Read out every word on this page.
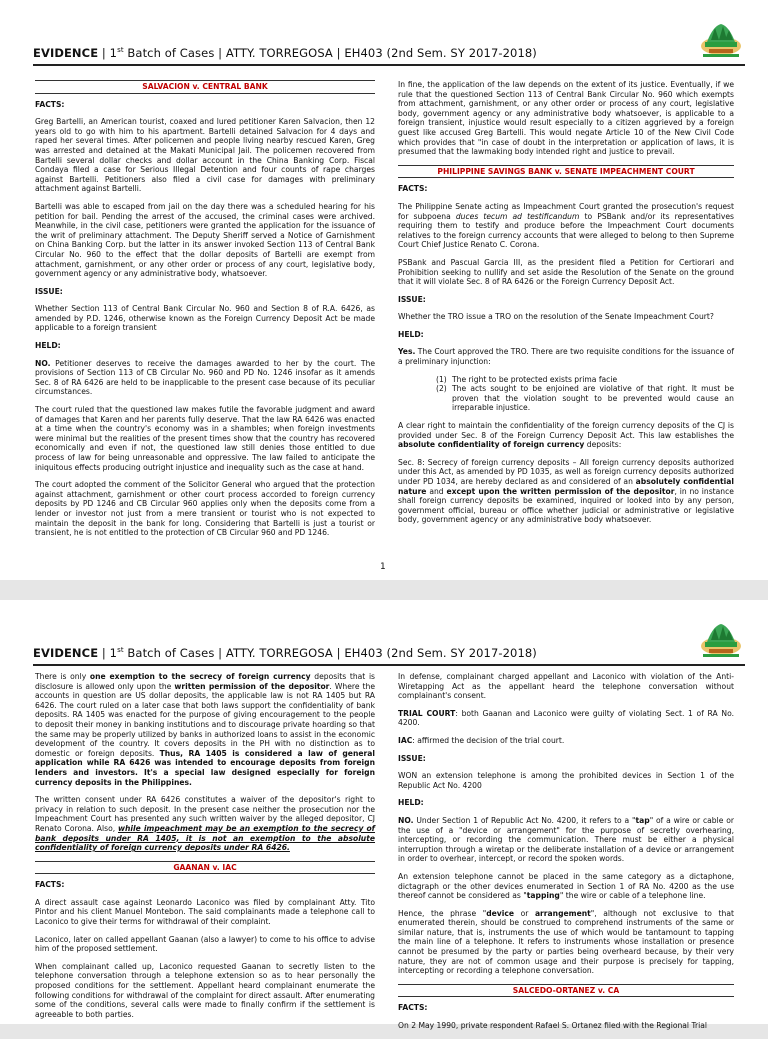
EVIDENCE | 1st Batch of Cases | ATTY. TORREGOSA | EH403 (2nd Sem. SY 2017-2018)
SALVACION v. CENTRAL BANK

FACTS:

Greg Bartelli, an American tourist, coaxed and lured petitioner Karen Salvacion, then 12 years old to go with him to his apartment. Bartelli detained Salvacion for 4 days and raped her several times. After policemen and people living nearby rescued Karen, Greg was arrested and detained at the Makati Municipal Jail. The policemen recovered from Bartelli several dollar checks and dollar account in the China Banking Corp. Fiscal Condaya filed a case for Serious Illegal Detention and four counts of rape charges against Bartelli. Petitioners also filed a civil case for damages with preliminary attachment against Bartelli.

Bartelli was able to escaped from jail on the day there was a scheduled hearing for his petition for bail. Pending the arrest of the accused, the criminal cases were archived. Meanwhile, in the civil case, petitioners were granted the application for the issuance of the writ of preliminary attachment. The Deputy Sheriff served a Notice of Garnishment on China Banking Corp. but the latter in its answer invoked Section 113 of Central Bank Circular No. 960 to the effect that the dollar deposits of Bartelli are exempt from attachment, garnishment, or any other order or process of any court, legislative body, government agency or any administrative body, whatsoever.

ISSUE:

Whether Section 113 of Central Bank Circular No. 960 and Section 8 of R.A. 6426, as amended by P.D. 1246, otherwise known as the Foreign Currency Deposit Act be made applicable to a foreign transient

HELD:

NO. Petitioner deserves to receive the damages awarded to her by the court. The provisions of Section 113 of CB Circular No. 960 and PD No. 1246 insofar as it amends Sec. 8 of RA 6426 are held to be inapplicable to the present case because of its peculiar circumstances.

The court ruled that the questioned law makes futile the favorable judgment and award of damages that Karen and her parents fully deserve. That the law RA 6426 was enacted at a time when the country's economy was in a shambles; when foreign investments were minimal but the realities of the present times show that the country has recovered economically and even if not, the questioned law still denies those entitled to due process of law for being unreasonable and oppressive. The law failed to anticipate the iniquitous effects producing outright injustice and inequality such as the case at hand.

The court adopted the comment of the Solicitor General who argued that the protection against attachment, garnishment or other court process accorded to foreign currency deposits by PD 1246 and CB Circular 960 applies only when the deposits come from a lender or investor not just from a mere transient or tourist who is not expected to maintain the deposit in the bank for long. Considering that Bartelli is just a tourist or transient, he is not entitled to the protection of CB Circular 960 and PD 1246.

In fine, the application of the law depends on the extent of its justice. Eventually, if we rule that the questioned Section 113 of Central Bank Circular No. 960 which exempts from attachment, garnishment, or any other order or process of any court, legislative body, government agency or any administrative body whatsoever, is applicable to a foreign transient, injustice would result especially to a citizen aggrieved by a foreign guest like accused Greg Bartelli. This would negate Article 10 of the New Civil Code which provides that "in case of doubt in the interpretation or application of laws, it is presumed that the lawmaking body intended right and justice to prevail.

PHILIPPINE SAVINGS BANK v. SENATE IMPEACHMENT COURT

FACTS:

The Philippine Senate acting as Impeachment Court granted the prosecution's request for subpoena duces tecum ad testificandum to PSBank and/or its representatives requiring them to testify and produce before the Impeachment Court documents relatives to the foreign currency accounts that were alleged to belong to then Supreme Court Chief Justice Renato C. Corona.

PSBank and Pascual Garcia III, as the president filed a Petition for Certiorari and Prohibition seeking to nullify and set aside the Resolution of the Senate on the ground that it will violate Sec. 8 of RA 6426 or the Foreign Currency Deposit Act.

ISSUE:

Whether the TRO issue a TRO on the resolution of the Senate Impeachment Court?

HELD:

Yes. The Court approved the TRO. There are two requisite conditions for the issuance of a preliminary injunction:

(1) The right to be protected exists prima facie
(2) The acts sought to be enjoined are violative of that right. It must be proven that the violation sought to be prevented would cause an irreparable injustice.

A clear right to maintain the confidentiality of the foreign currency deposits of the CJ is provided under Sec. 8 of the Foreign Currency Deposit Act. This law establishes the absolute confidentiality of foreign currency deposits:

Sec. 8: Secrecy of foreign currency deposits – All foreign currency deposits authorized under this Act, as amended by PD 1035, as well as foreign currency deposits authorized under PD 1034, are hereby declared as and considered of an absolutely confidential nature and except upon the written permission of the depositor, in no instance shall foreign currency deposits be examined, inquired or looked into by any person, government official, bureau or office whether judicial or administrative or legislative body, government agency or any administrative body whatsoever.

1
EVIDENCE | 1st Batch of Cases | ATTY. TORREGOSA | EH403 (2nd Sem. SY 2017-2018)

There is only one exemption to the secrecy of foreign currency deposits that is disclosure is allowed only upon the written permission of the depositor. Where the accounts in question are US dollar deposits, the applicable law is not RA 1405 but RA 6426. The court ruled on a later case that both laws support the confidentiality of bank deposits. RA 1405 was enacted for the purpose of giving encouragement to the people to deposit their money in banking institutions and to discourage private hoarding so that the same may be properly utilized by banks in authorized loans to assist in the economic development of the country. It covers deposits in the PH with no distinction as to domestic or foreign deposits. Thus, RA 1405 is considered a law of general application while RA 6426 was intended to encourage deposits from foreign lenders and investors. It's a special law designed especially for foreign currency deposits in the Philippines.

The written consent under RA 6426 constitutes a waiver of the depositor's right to privacy in relation to such deposit. In the present case neither the prosecution nor the Impeachment Court has presented any such written waiver by the alleged depositor, CJ Renato Corona. Also, while impeachment may be an exemption to the secrecy of bank deposits under RA 1405, it is not an exemption to the absolute confidentiality of foreign currency deposits under RA 6426.

GAANAN v. IAC

FACTS:

A direct assault case against Leonardo Laconico was filed by complainant Atty. Tito Pintor and his client Manuel Montebon. The said complainants made a telephone call to Laconico to give their terms for withdrawal of their complaint.

Laconico, later on called appellant Gaanan (also a lawyer) to come to his office to advise him of the proposed settlement.

When complainant called up, Laconico requested Gaanan to secretly listen to the telephone conversation through a telephone extension so as to hear personally the proposed conditions for the settlement. Appellant heard complainant enumerate the following conditions for withdrawal of the complaint for direct assault. After enumerating some of the conditions, several calls were made to finally confirm if the settlement is agreeable to both parties.

In defense, complainant charged appellant and Laconico with violation of the Anti-Wiretapping Act as the appellant heard the telephone conversation without complainant's consent.

TRIAL COURT: both Gaanan and Laconico were guilty of violating Sect. 1 of RA No. 4200.

IAC: affirmed the decision of the trial court.

ISSUE:

WON an extension telephone is among the prohibited devices in Section 1 of the Republic Act No. 4200

HELD:

NO. Under Section 1 of Republic Act No. 4200, it refers to a "tap" of a wire or cable or the use of a "device or arrangement" for the purpose of secretly overhearing, intercepting, or recording the communication. There must be either a physical interruption through a wiretap or the deliberate installation of a device or arrangement in order to overhear, intercept, or record the spoken words.

An extension telephone cannot be placed in the same category as a dictaphone, dictagraph or the other devices enumerated in Section 1 of RA No. 4200 as the use thereof cannot be considered as "tapping" the wire or cable of a telephone line.

Hence, the phrase "device or arrangement", although not exclusive to that enumerated therein, should be construed to comprehend instruments of the same or similar nature, that is, instruments the use of which would be tantamount to tapping the main line of a telephone. It refers to instruments whose installation or presence cannot be presumed by the party or parties being overheard because, by their very nature, they are not of common usage and their purpose is precisely for tapping, intercepting or recording a telephone conversation.

SALCEDO-ORTANEZ v. CA

FACTS:

On 2 May 1990, private respondent Rafael S. Ortanez filed with the Regional Trial
